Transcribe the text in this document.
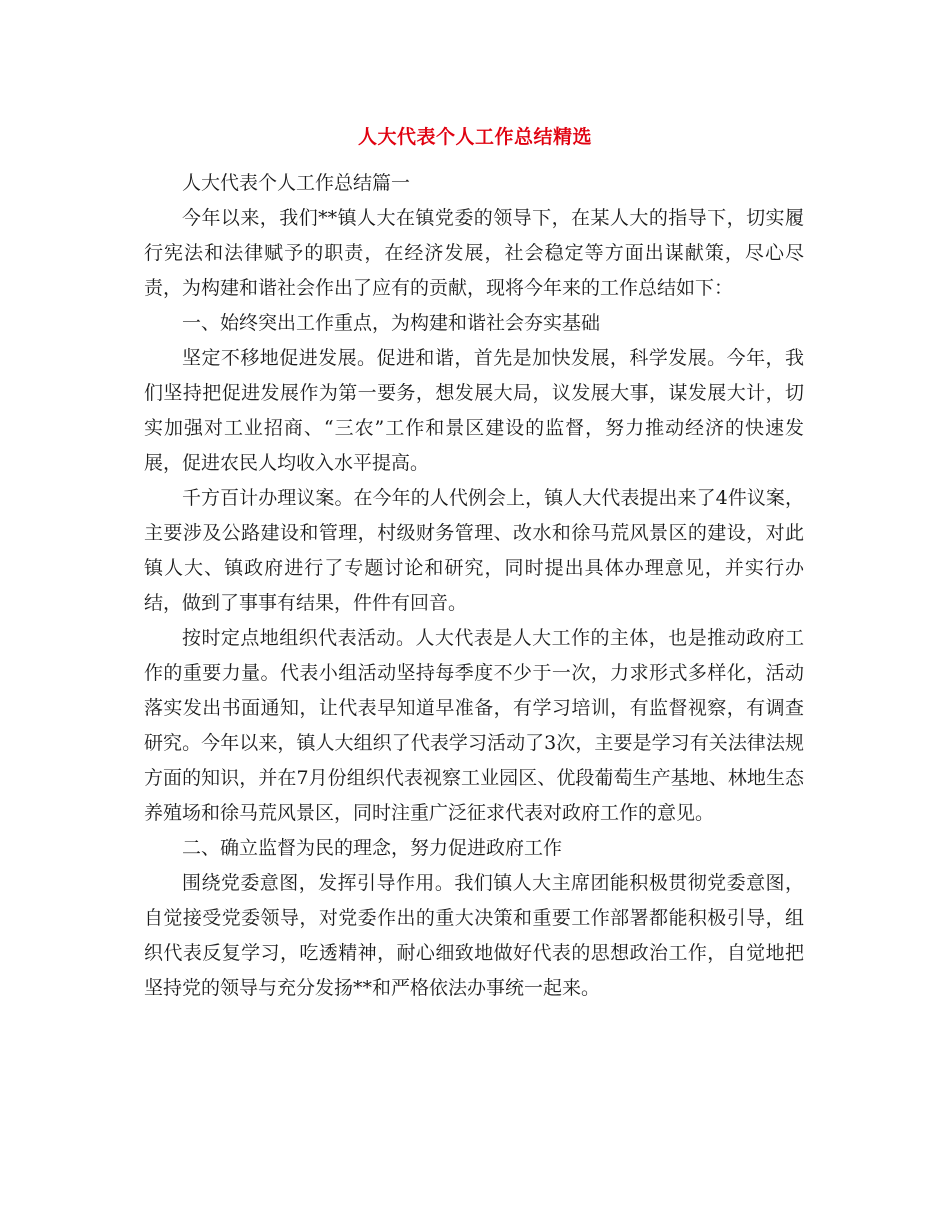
人大代表个人工作总结精选

人大代表个人工作总结篇一

今年以来，我们**镇人大在镇党委的领导下，在某人大的指导下，切实履行宪法和法律赋予的职责，在经济发展，社会稳定等方面出谋献策，尽心尽责，为构建和谐社会作出了应有的贡献，现将今年来的工作总结如下：

一、始终突出工作重点，为构建和谐社会夯实基础

坚定不移地促进发展。促进和谐，首先是加快发展，科学发展。今年，我们坚持把促进发展作为第一要务，想发展大局，议发展大事，谋发展大计，切实加强对工业招商、“三农”工作和景区建设的监督，努力推动经济的快速发展，促进农民人均收入水平提高。

千方百计办理议案。在今年的人代例会上，镇人大代表提出来了4件议案，主要涉及公路建设和管理，村级财务管理、改水和徐马荒风景区的建设，对此镇人大、镇政府进行了专题讨论和研究，同时提出具体办理意见，并实行办结，做到了事事有结果，件件有回音。

按时定点地组织代表活动。人大代表是人大工作的主体，也是推动政府工作的重要力量。代表小组活动坚持每季度不少于一次，力求形式多样化，活动落实发出书面通知，让代表早知道早准备，有学习培训，有监督视察，有调查研究。今年以来，镇人大组织了代表学习活动了3次，主要是学习有关法律法规方面的知识，并在7月份组织代表视察工业园区、优段葡萄生产基地、林地生态养殖场和徐马荒风景区，同时注重广泛征求代表对政府工作的意见。

二、确立监督为民的理念，努力促进政府工作

围绕党委意图，发挥引导作用。我们镇人大主席团能积极贯彻党委意图，自觉接受党委领导，对党委作出的重大决策和重要工作部署都能积极引导，组织代表反复学习，吃透精神，耐心细致地做好代表的思想政治工作，自觉地把坚持党的领导与充分发扬**和严格依法办事统一起来。
